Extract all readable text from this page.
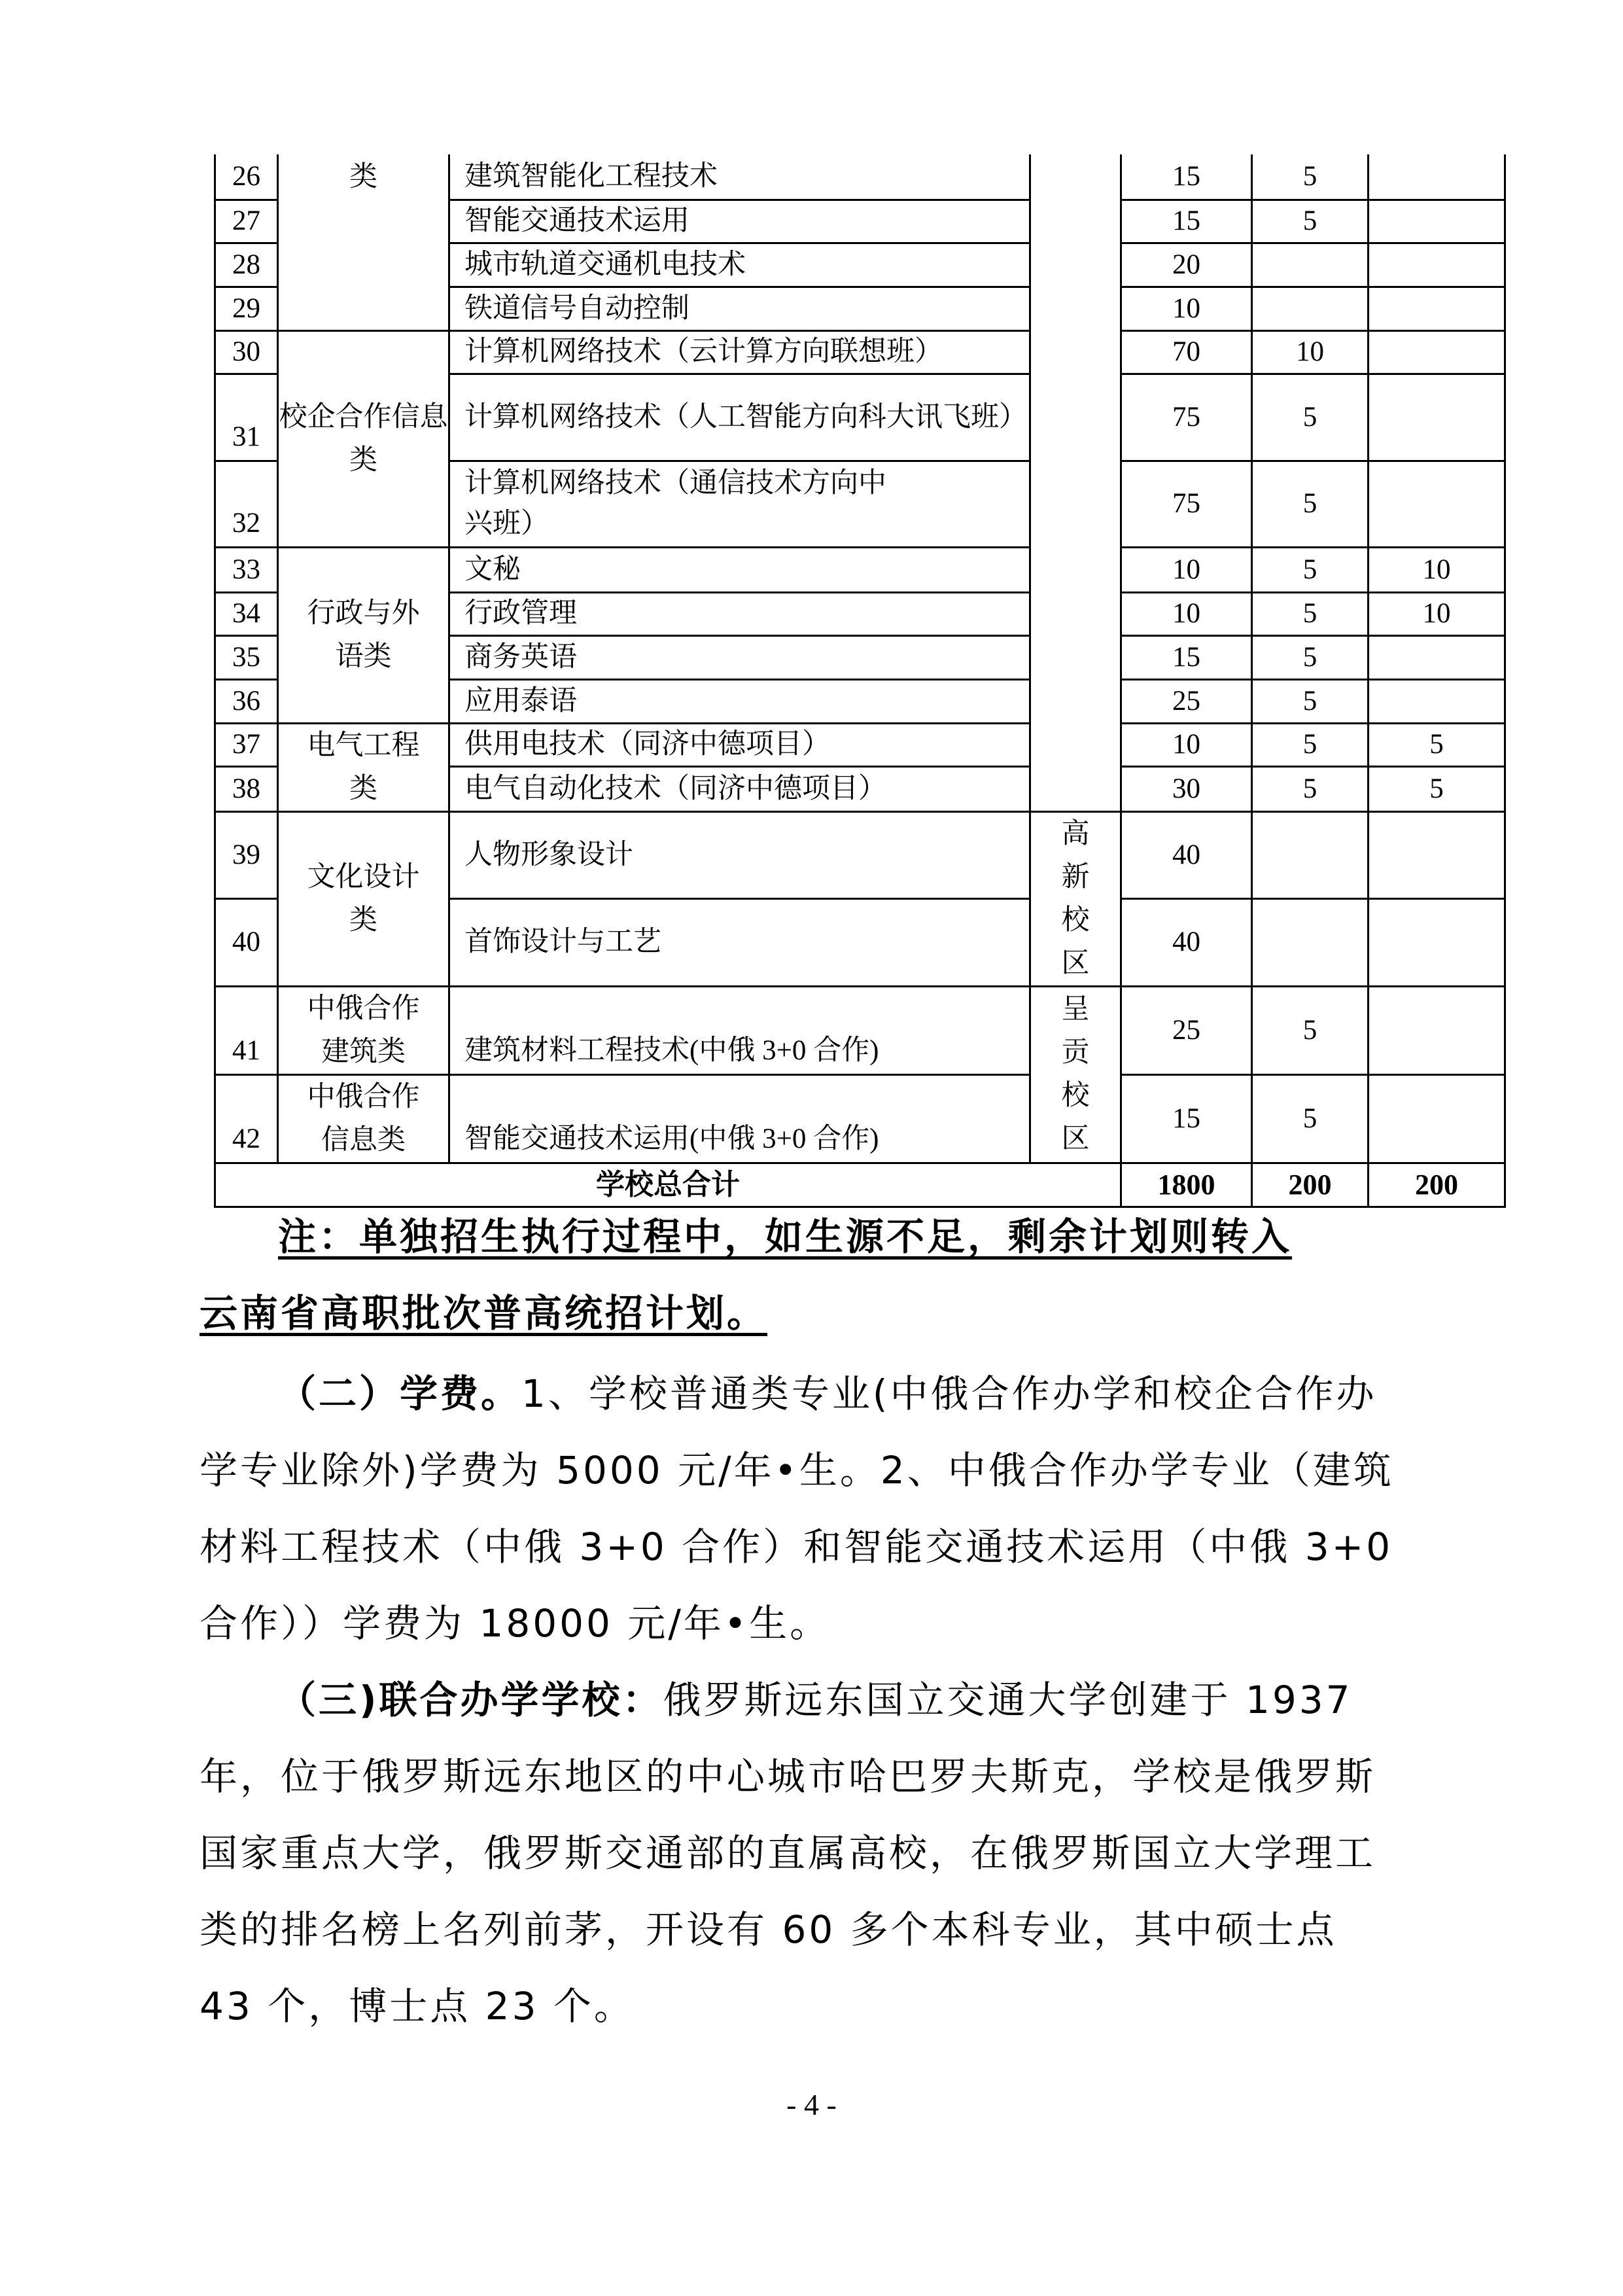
26	类	建筑智能化工程技术		15	5	
27		智能交通技术运用		15	5	
28		城市轨道交通机电技术		20		
29		铁道信号自动控制		10		
30	校企合作信息类	计算机网络技术（云计算方向联想班）		70	10	
31		计算机网络技术（人工智能方向科大讯飞班）		75	5	
32		计算机网络技术（通信技术方向中兴班）		75	5	
33	行政与外语类	文秘		10	5	10
34		行政管理		10	5	10
35		商务英语		15	5	
36		应用泰语		25	5	
37	电气工程类	供用电技术（同济中德项目）		10	5	5
38		电气自动化技术（同济中德项目）		30	5	5
39	文化设计类	人物形象设计	高新校区	40		
40		首饰设计与工艺		40		
41	中俄合作建筑类	建筑材料工程技术(中俄 3+0 合作)	呈贡校区	25	5	
42	中俄合作信息类	智能交通技术运用(中俄 3+0 合作)		15	5	
学校总合计				1800	200	200
注：单独招生执行过程中，如生源不足，剩余计划则转入
云南省高职批次普高统招计划。
（二）学费。1、学校普通类专业(中俄合作办学和校企合作办学专业除外)学费为 5000 元/年•生。2、中俄合作办学专业（建筑材料工程技术（中俄 3+0 合作）和智能交通技术运用（中俄 3+0 合作））学费为 18000 元/年•生。
（三)联合办学学校：俄罗斯远东国立交通大学创建于 1937 年，位于俄罗斯远东地区的中心城市哈巴罗夫斯克，学校是俄罗斯国家重点大学，俄罗斯交通部的直属高校，在俄罗斯国立大学理工类的排名榜上名列前茅，开设有 60 多个本科专业，其中硕士点 43 个，博士点 23 个。
- 4 -
